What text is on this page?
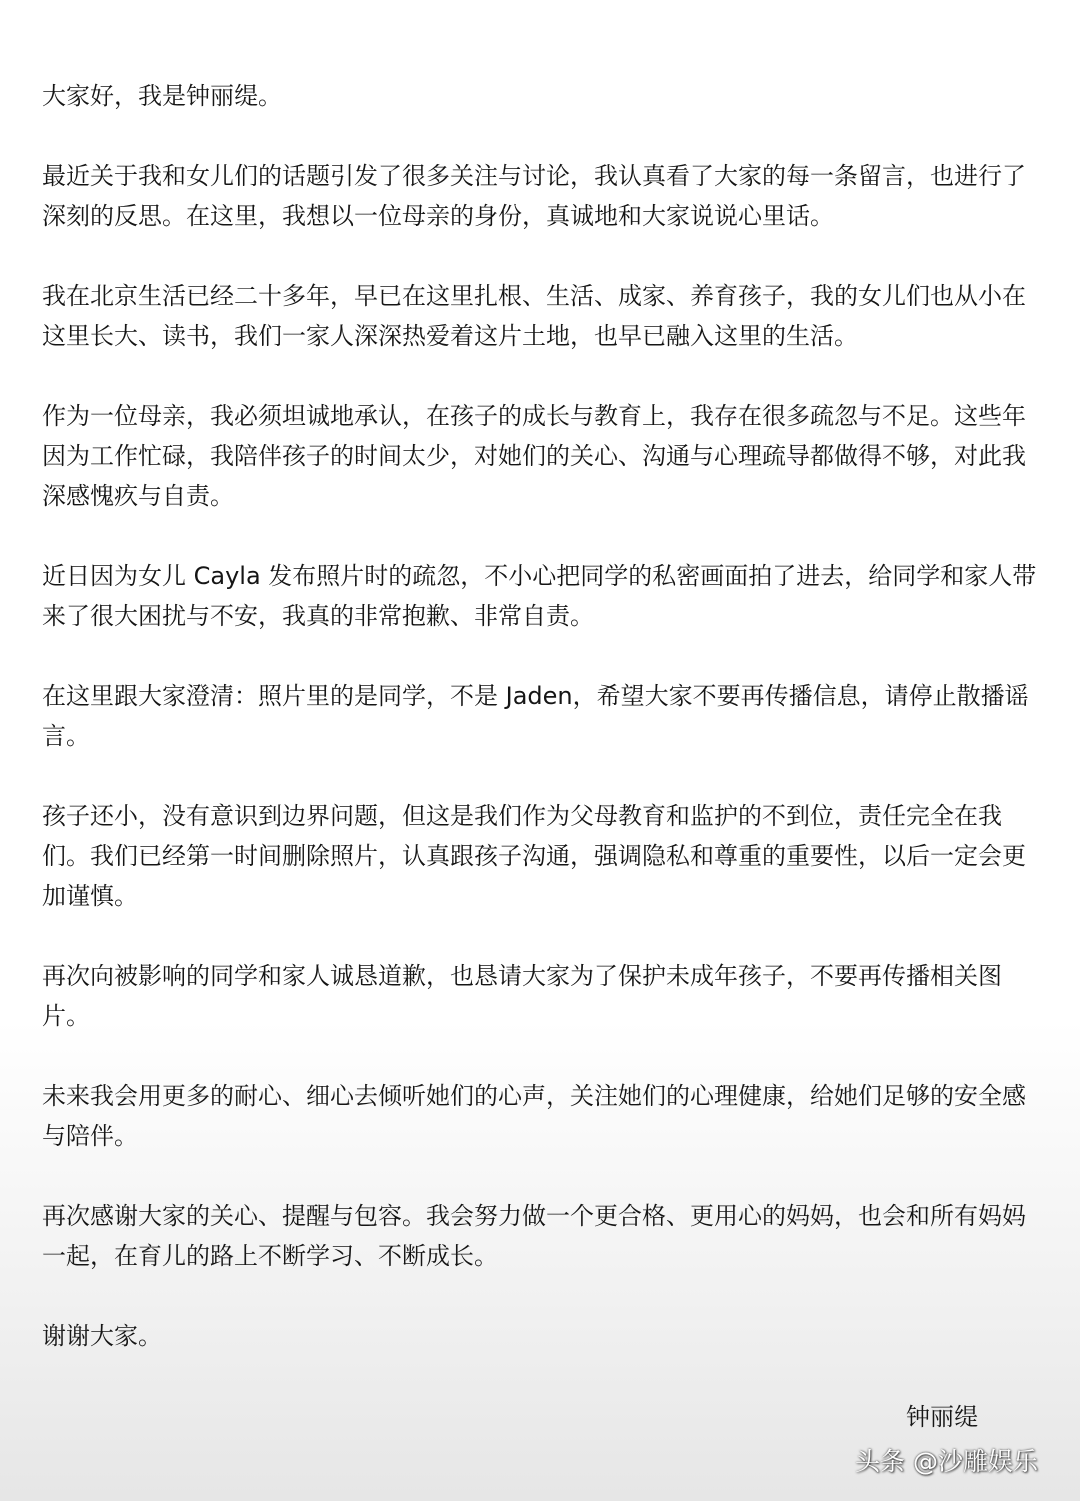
大家好，我是钟丽缇。

最近关于我和女儿们的话题引发了很多关注与讨论，我认真看了大家的每一条留言，也进行了深刻的反思。在这里，我想以一位母亲的身份，真诚地和大家说说心里话。

我在北京生活已经二十多年，早已在这里扎根、生活、成家、养育孩子，我的女儿们也从小在这里长大、读书，我们一家人深深热爱着这片土地，也早已融入这里的生活。

作为一位母亲，我必须坦诚地承认，在孩子的成长与教育上，我存在很多疏忽与不足。这些年因为工作忙碌，我陪伴孩子的时间太少，对她们的关心、沟通与心理疏导都做得不够，对此我深感愧疚与自责。

近日因为女儿 Cayla 发布照片时的疏忽，不小心把同学的私密画面拍了进去，给同学和家人带来了很大困扰与不安，我真的非常抱歉、非常自责。

在这里跟大家澄清：照片里的是同学，不是 Jaden，希望大家不要再传播信息，请停止散播谣言。

孩子还小，没有意识到边界问题，但这是我们作为父母教育和监护的不到位，责任完全在我们。我们已经第一时间删除照片，认真跟孩子沟通，强调隐私和尊重的重要性，以后一定会更加谨慎。

再次向被影响的同学和家人诚恳道歉，也恳请大家为了保护未成年孩子，不要再传播相关图片。

未来我会用更多的耐心、细心去倾听她们的心声，关注她们的心理健康，给她们足够的安全感与陪伴。

再次感谢大家的关心、提醒与包容。我会努力做一个更合格、更用心的妈妈，也会和所有妈妈一起，在育儿的路上不断学习、不断成长。

谢谢大家。

钟丽缇
头条 @沙雕娱乐
